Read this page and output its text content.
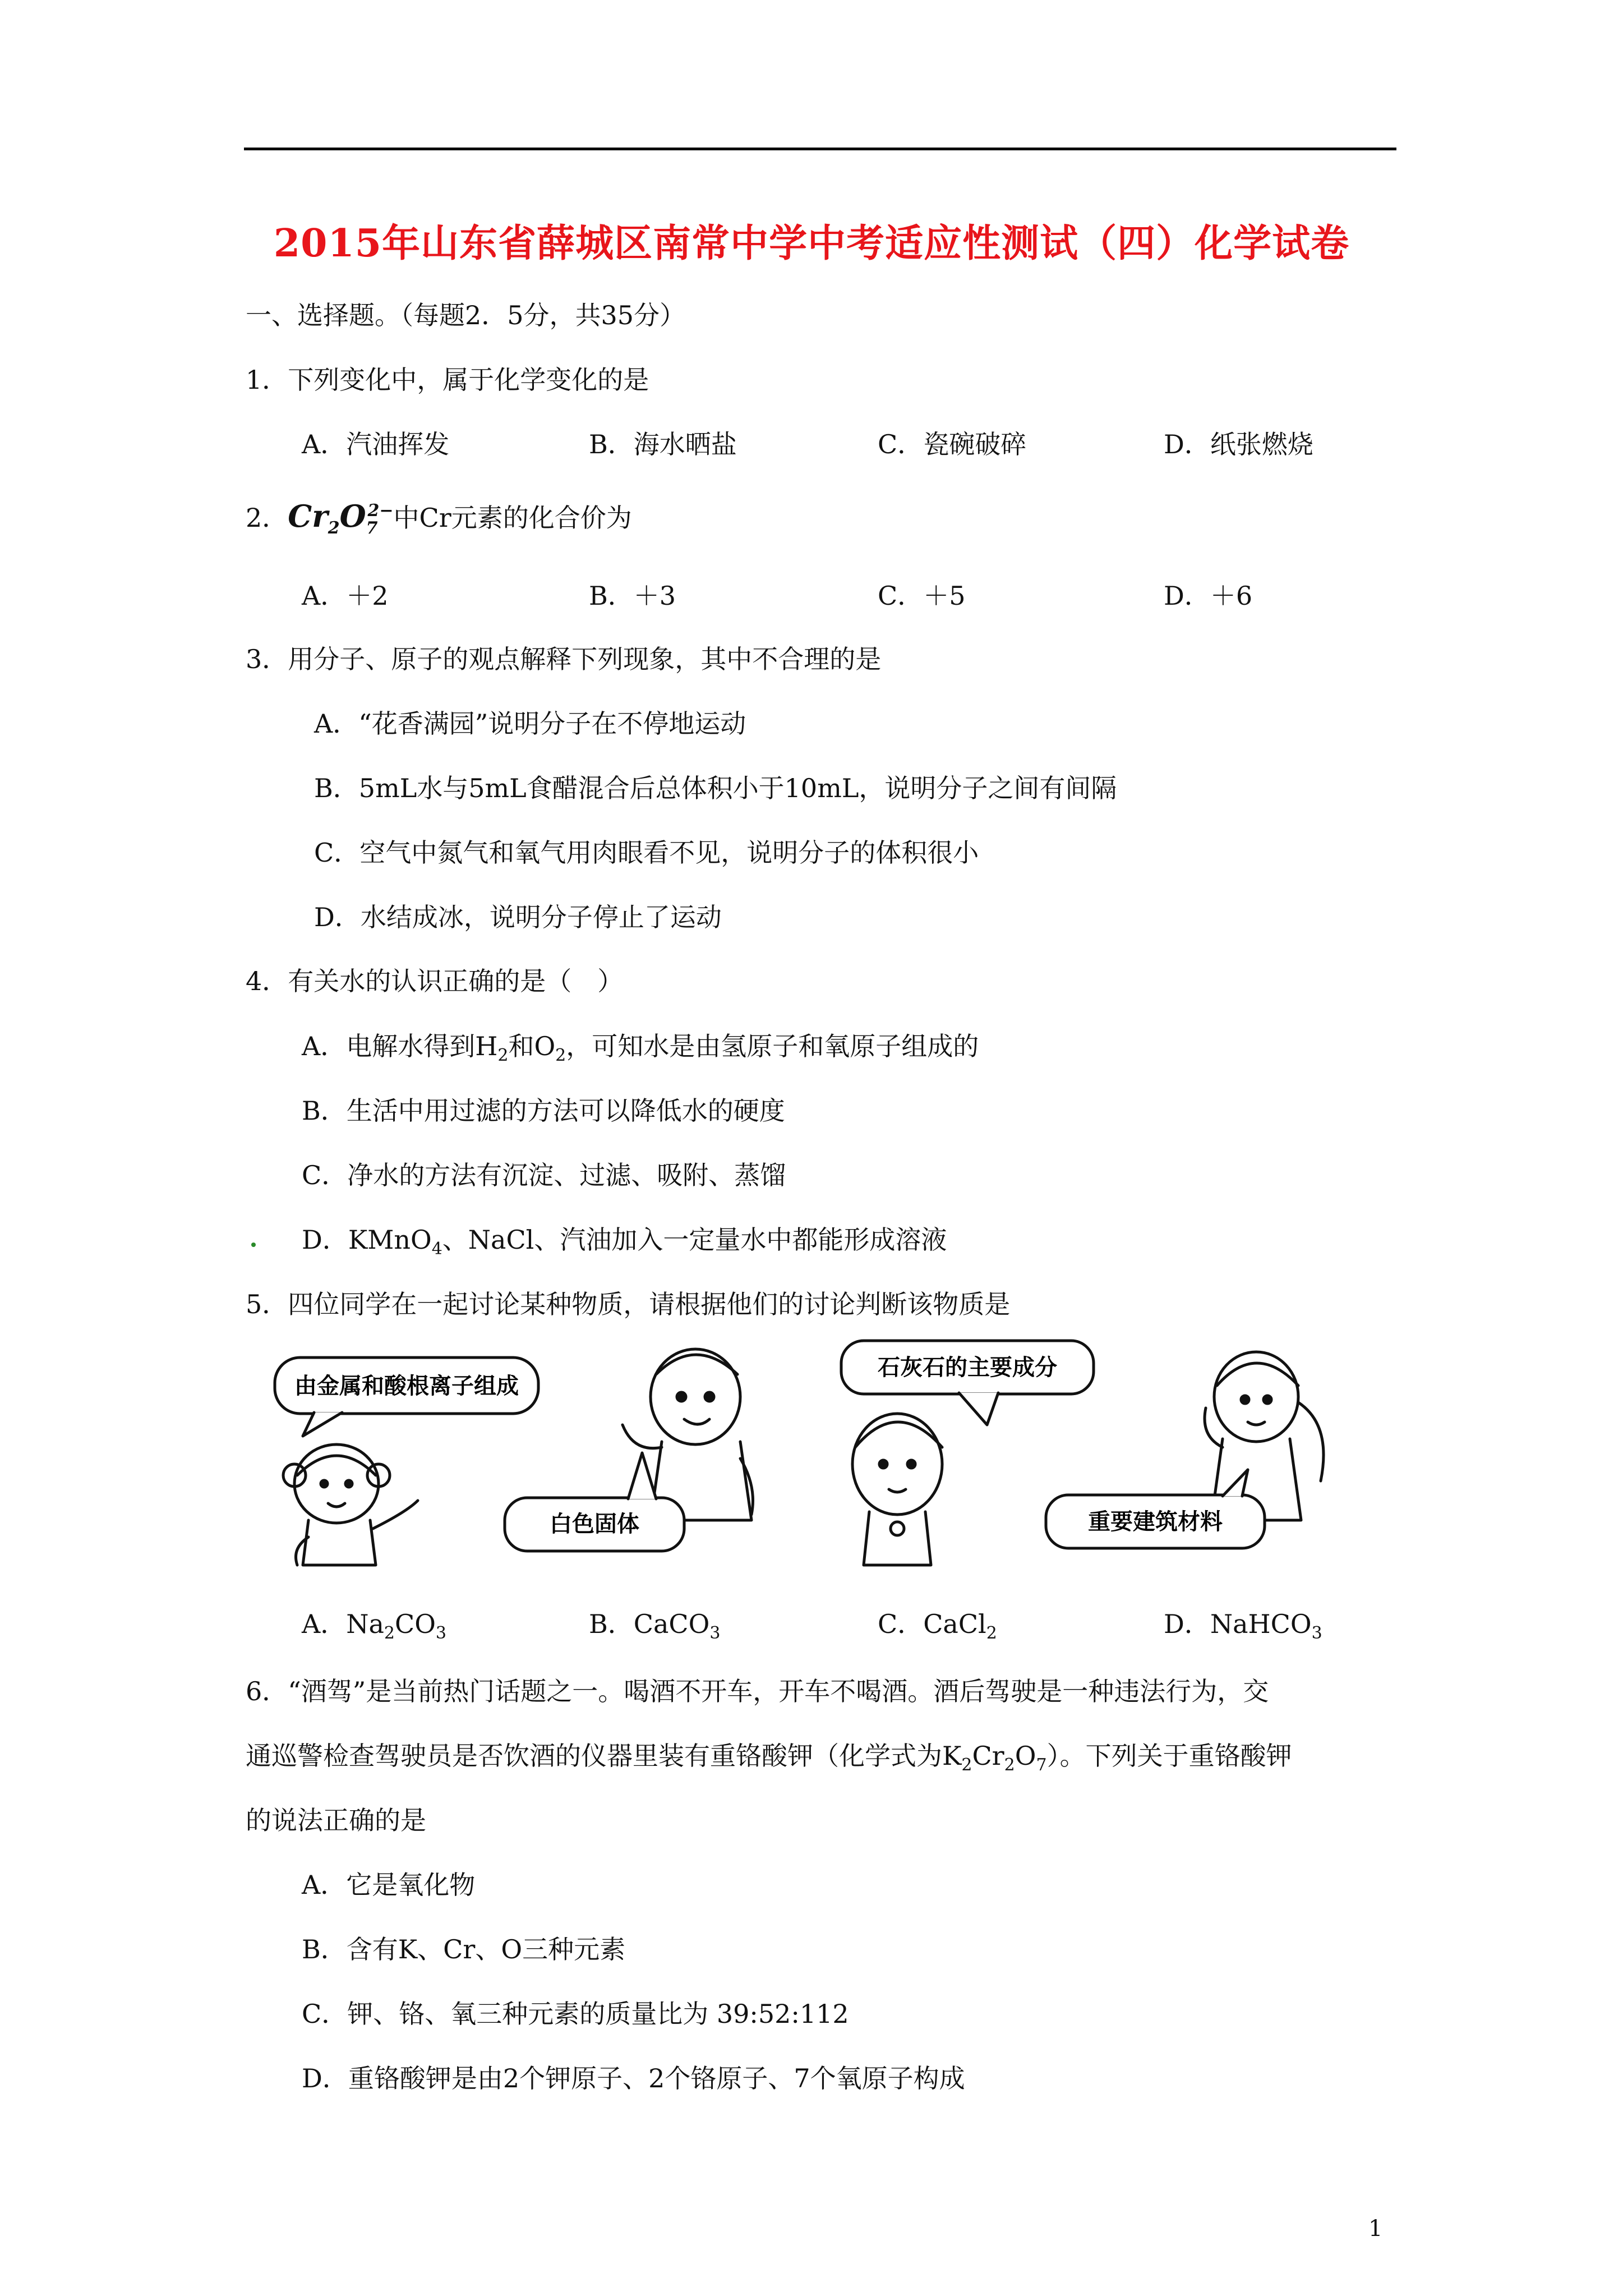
2015年山东省薛城区南常中学中考适应性测试（四）化学试卷
一、选择题。（每题2．5分，共35分）
1．下列变化中，属于化学变化的是
A．汽油挥发	B．海水晒盐	C．瓷碗破碎	D．纸张燃烧
2．$Cr_2O_7^{2-}$中Cr元素的化合价为
A．＋2	B．＋3	C．＋5	D．＋6
3．用分子、原子的观点解释下列现象，其中不合理的是
A．“花香满园”说明分子在不停地运动
B．5mL水与5mL食醋混合后总体积小于10mL，说明分子之间有间隔
C．空气中氮气和氧气用肉眼看不见，说明分子的体积很小
D．水结成冰，说明分子停止了运动
4．有关水的认识正确的是（　）
A．电解水得到$H_2$和$O_2$，可知水是由氢原子和氧原子组成的
B．生活中用过滤的方法可以降低水的硬度
C．净水的方法有沉淀、过滤、吸附、蒸馏
D．KMnO$_4$、NaCl、汽油加入一定量水中都能形成溶液
5．四位同学在一起讨论某种物质，请根据他们的讨论判断该物质是
由金属和酸根离子组成
白色固体
石灰石的主要成分
重要建筑材料
A．$Na_2CO_3$	B．CaCO$_3$	C．CaCl$_2$	D．NaHCO$_3$
6．“酒驾”是当前热门话题之一。喝酒不开车，开车不喝酒。酒后驾驶是一种违法行为，交
通巡警检查驾驶员是否饮酒的仪器里装有重铬酸钾（化学式为$K_2Cr_2O_7$）。下列关于重铬酸钾
的说法正确的是
A．它是氧化物
B．含有K、Cr、O三种元素
C．钾、铬、氧三种元素的质量比为 39:52:112
D．重铬酸钾是由2个钾原子、2个铬原子、7个氧原子构成
1
